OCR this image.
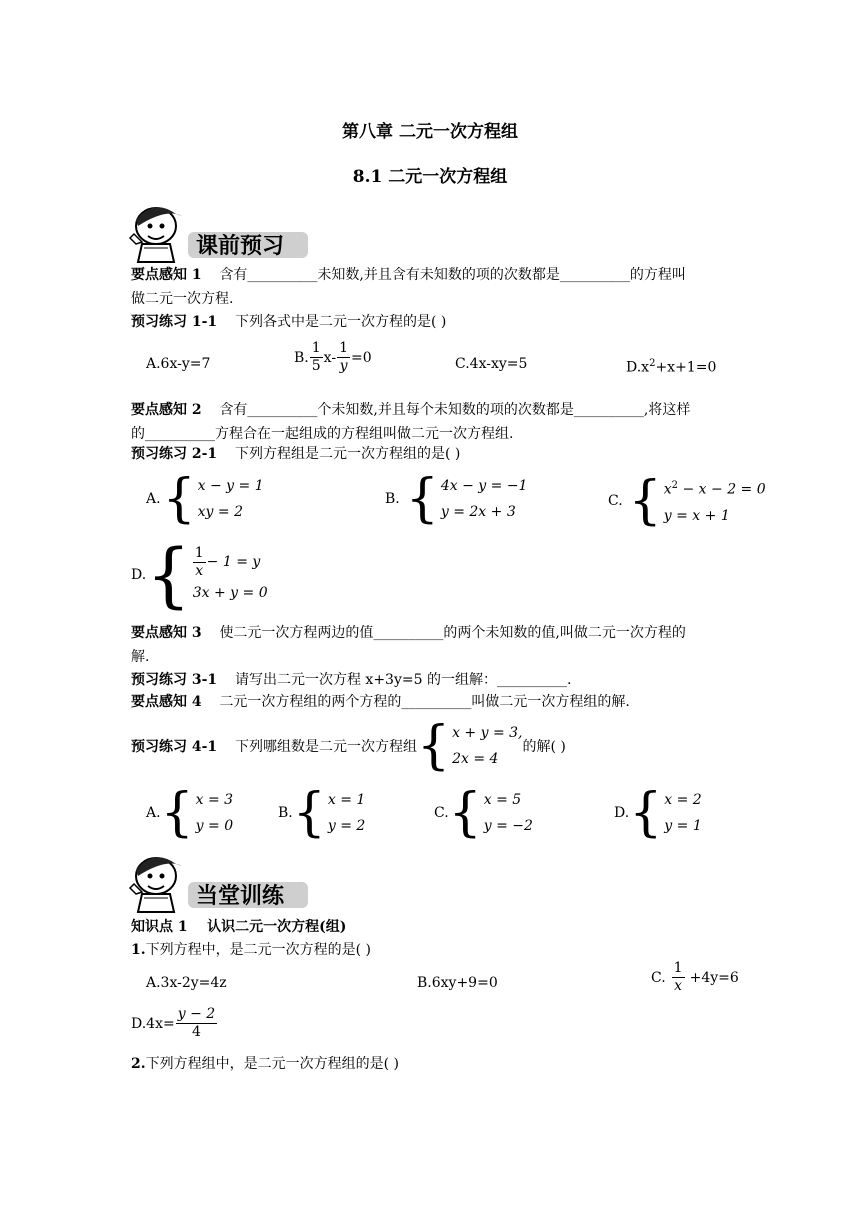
第八章 二元一次方程组
8.1 二元一次方程组
课前预习
要点感知 1 含有__________未知数,并且含有未知数的项的次数都是__________的方程叫
做二元一次方程.
预习练习 1-1 下列各式中是二元一次方程的是( )
A.6x-y=7	B. $\frac{1}{5} x- \frac{1}{y} =0$	C.4x-xy=5	$D.x^2+x+1=0$
要点感知 2 含有__________个未知数,并且每个未知数的项的次数都是__________,将这样
的__________方程合在一起组成的方程组叫做二元一次方程组.
预习练习 2-1 下列方程组是二元一次方程组的是( )
A. { x − y = 1
xy = 2
B. { 4x − y = −1
y = 2x + 3
C. { $x^2 - x - 2 = 0$
y = x + 1
D. { $\frac{1}{x} - 1 = y$
3x + y = 0
要点感知 3 使二元一次方程两边的值__________的两个未知数的值,叫做二元一次方程的
解.
预习练习 3-1 请写出二元一次方程 x+3y=5 的一组解：__________.
要点感知 4 二元一次方程组的两个方程的__________叫做二元一次方程组的解.
预习练习 4-1
下列哪组数是二元一次方程组 { x + y = 3,
2x = 4
的解( )
A. { x = 3
y = 0
B. { x = 1
y = 2
C. { x = 5
y = −2
D. { x = 2
y = 1
当堂训练
知识点 1 认识二元一次方程(组)
1.下列方程中，是二元一次方程的是( )
A.3x-2y=4z	B.6xy+9=0	C. $\frac{1}{x} +4y=6$
$D.4x= \frac{y - 2}{4}$
2.下列方程组中，是二元一次方程组的是( )
